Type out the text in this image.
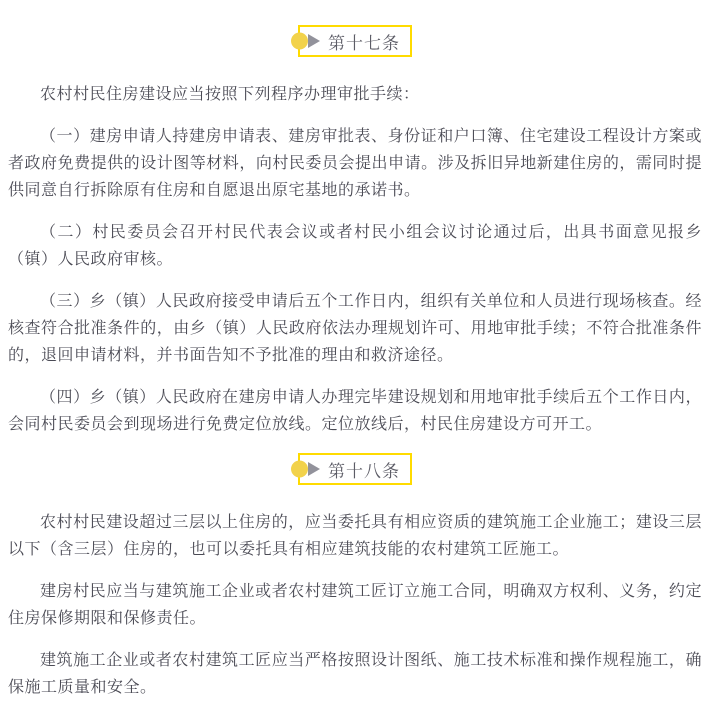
第十七条

农村村民住房建设应当按照下列程序办理审批手续：

（一）建房申请人持建房申请表、建房审批表、身份证和户口簿、住宅建设工程设计方案或者政府免费提供的设计图等材料，向村民委员会提出申请。涉及拆旧异地新建住房的，需同时提供同意自行拆除原有住房和自愿退出原宅基地的承诺书。

（二）村民委员会召开村民代表会议或者村民小组会议讨论通过后，出具书面意见报乡（镇）人民政府审核。

（三）乡（镇）人民政府接受申请后五个工作日内，组织有关单位和人员进行现场核查。经核查符合批准条件的，由乡（镇）人民政府依法办理规划许可、用地审批手续；不符合批准条件的，退回申请材料，并书面告知不予批准的理由和救济途径。

（四）乡（镇）人民政府在建房申请人办理完毕建设规划和用地审批手续后五个工作日内，会同村民委员会到现场进行免费定位放线。定位放线后，村民住房建设方可开工。

第十八条

农村村民建设超过三层以上住房的，应当委托具有相应资质的建筑施工企业施工；建设三层以下（含三层）住房的，也可以委托具有相应建筑技能的农村建筑工匠施工。

建房村民应当与建筑施工企业或者农村建筑工匠订立施工合同，明确双方权利、义务，约定住房保修期限和保修责任。

建筑施工企业或者农村建筑工匠应当严格按照设计图纸、施工技术标准和操作规程施工，确保施工质量和安全。
